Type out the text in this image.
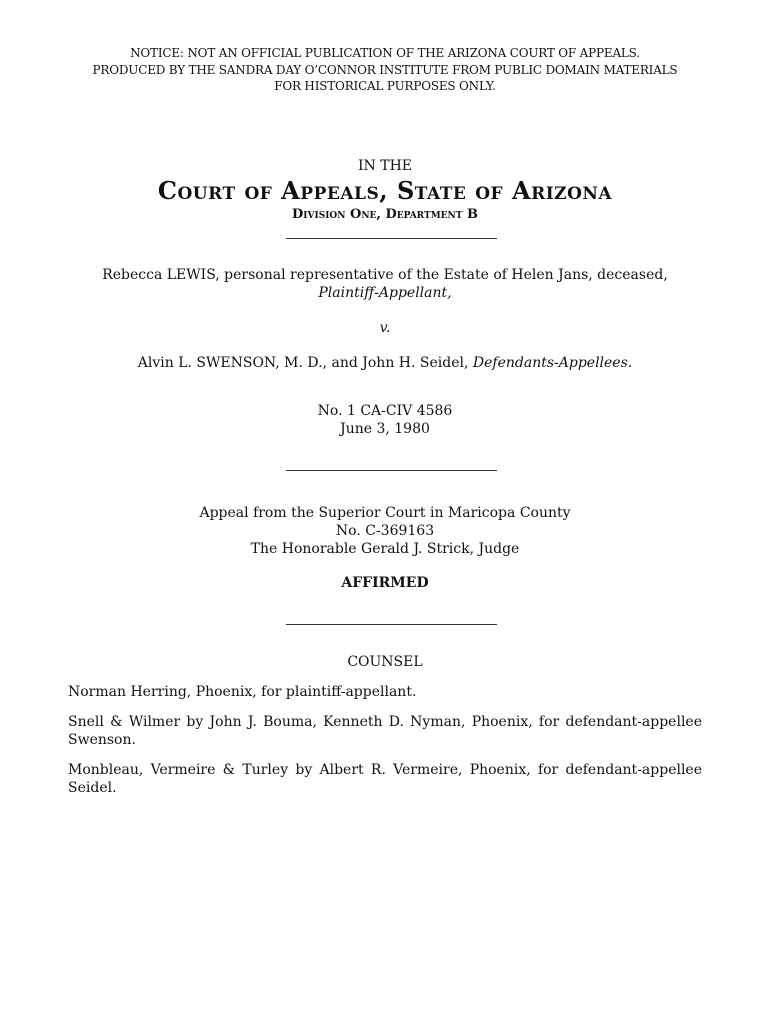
NOTICE: NOT AN OFFICIAL PUBLICATION OF THE ARIZONA COURT OF APPEALS.
PRODUCED BY THE SANDRA DAY O’CONNOR INSTITUTE FROM PUBLIC DOMAIN MATERIALS
FOR HISTORICAL PURPOSES ONLY.
IN THE
Court of Appeals, State of Arizona
Division One, Department B
Rebecca LEWIS, personal representative of the Estate of Helen Jans, deceased,
Plaintiff-Appellant,
v.
Alvin L. SWENSON, M. D., and John H. Seidel, Defendants-Appellees.
No. 1 CA-CIV 4586
June 3, 1980
Appeal from the Superior Court in Maricopa County
No. C-369163
The Honorable Gerald J. Strick, Judge
AFFIRMED
COUNSEL

Norman Herring, Phoenix, for plaintiff-appellant.

Snell & Wilmer by John J. Bouma, Kenneth D. Nyman, Phoenix, for defendant-appellee Swenson.

Monbleau, Vermeire & Turley by Albert R. Vermeire, Phoenix, for defendant-appellee Seidel.
